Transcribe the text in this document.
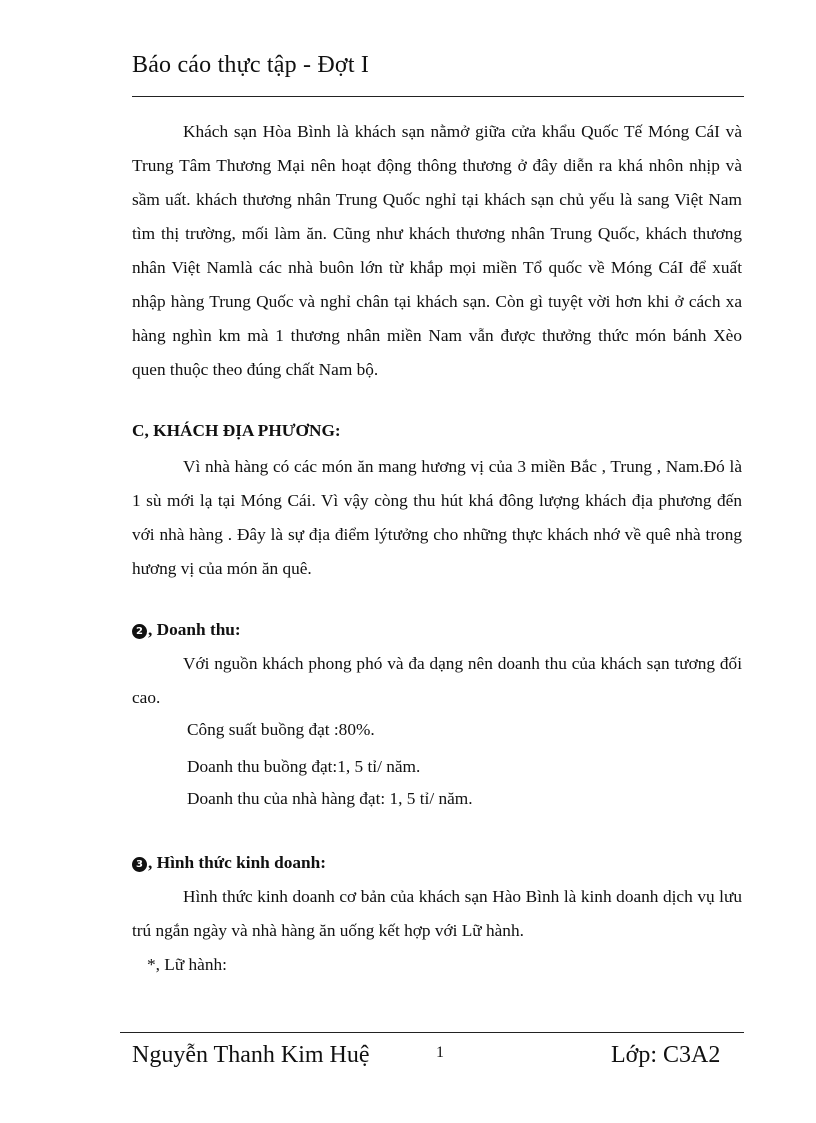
Báo cáo thực tập - Đợt I
Khách sạn Hòa Bình là khách sạn nằmở giữa cửa khẩu Quốc Tế Móng CáI và Trung Tâm Thương Mại nên hoạt động thông thương ở đây diễn ra khá nhôn nhịp và sầm uất. khách thương nhân Trung Quốc nghỉ tại khách sạn chủ yếu là sang Việt Nam tìm thị trường, mối làm ăn. Cũng như khách thương nhân Trung Quốc, khách thương nhân Việt Namlà các nhà buôn lớn từ khắp mọi miền Tổ quốc về Móng CáI để xuất nhập hàng Trung Quốc và nghỉ chân tại khách sạn. Còn gì tuyệt vời hơn khi ở cách xa hàng nghìn km mà 1 thương nhân miền Nam vẫn được thưởng thức món bánh Xèo quen thuộc theo đúng chất Nam bộ.
C, KHÁCH ĐỊA PHƯƠNG:
Vì nhà hàng có các món ăn mang hương vị của 3 miền Bắc , Trung , Nam.Đó là 1 sù mới lạ tại Móng Cái. Vì vậy còng thu hút khá đông lượng khách địa phương đến với nhà hàng . Đây là sự địa điểm lýtưởng cho những thực khách nhớ về quê nhà trong hương vị của món ăn quê.
2 , Doanh thu:
Với nguồn khách phong phó và đa dạng nên doanh thu của khách sạn tương đối cao.
Công suất buồng đạt :80%.
Doanh thu buồng đạt:1, 5 tỉ/ năm.
Doanh thu của nhà hàng đạt: 1, 5 tỉ/ năm.
3 , Hình thức kinh doanh:
Hình thức kinh doanh cơ bản của khách sạn Hào Bình là kinh doanh dịch vụ lưu trú ngắn ngày và nhà hàng ăn uống kết hợp với Lữ hành.
*, Lữ hành:
Nguyễn Thanh Kim Huệ	1	Lớp: C3A2
